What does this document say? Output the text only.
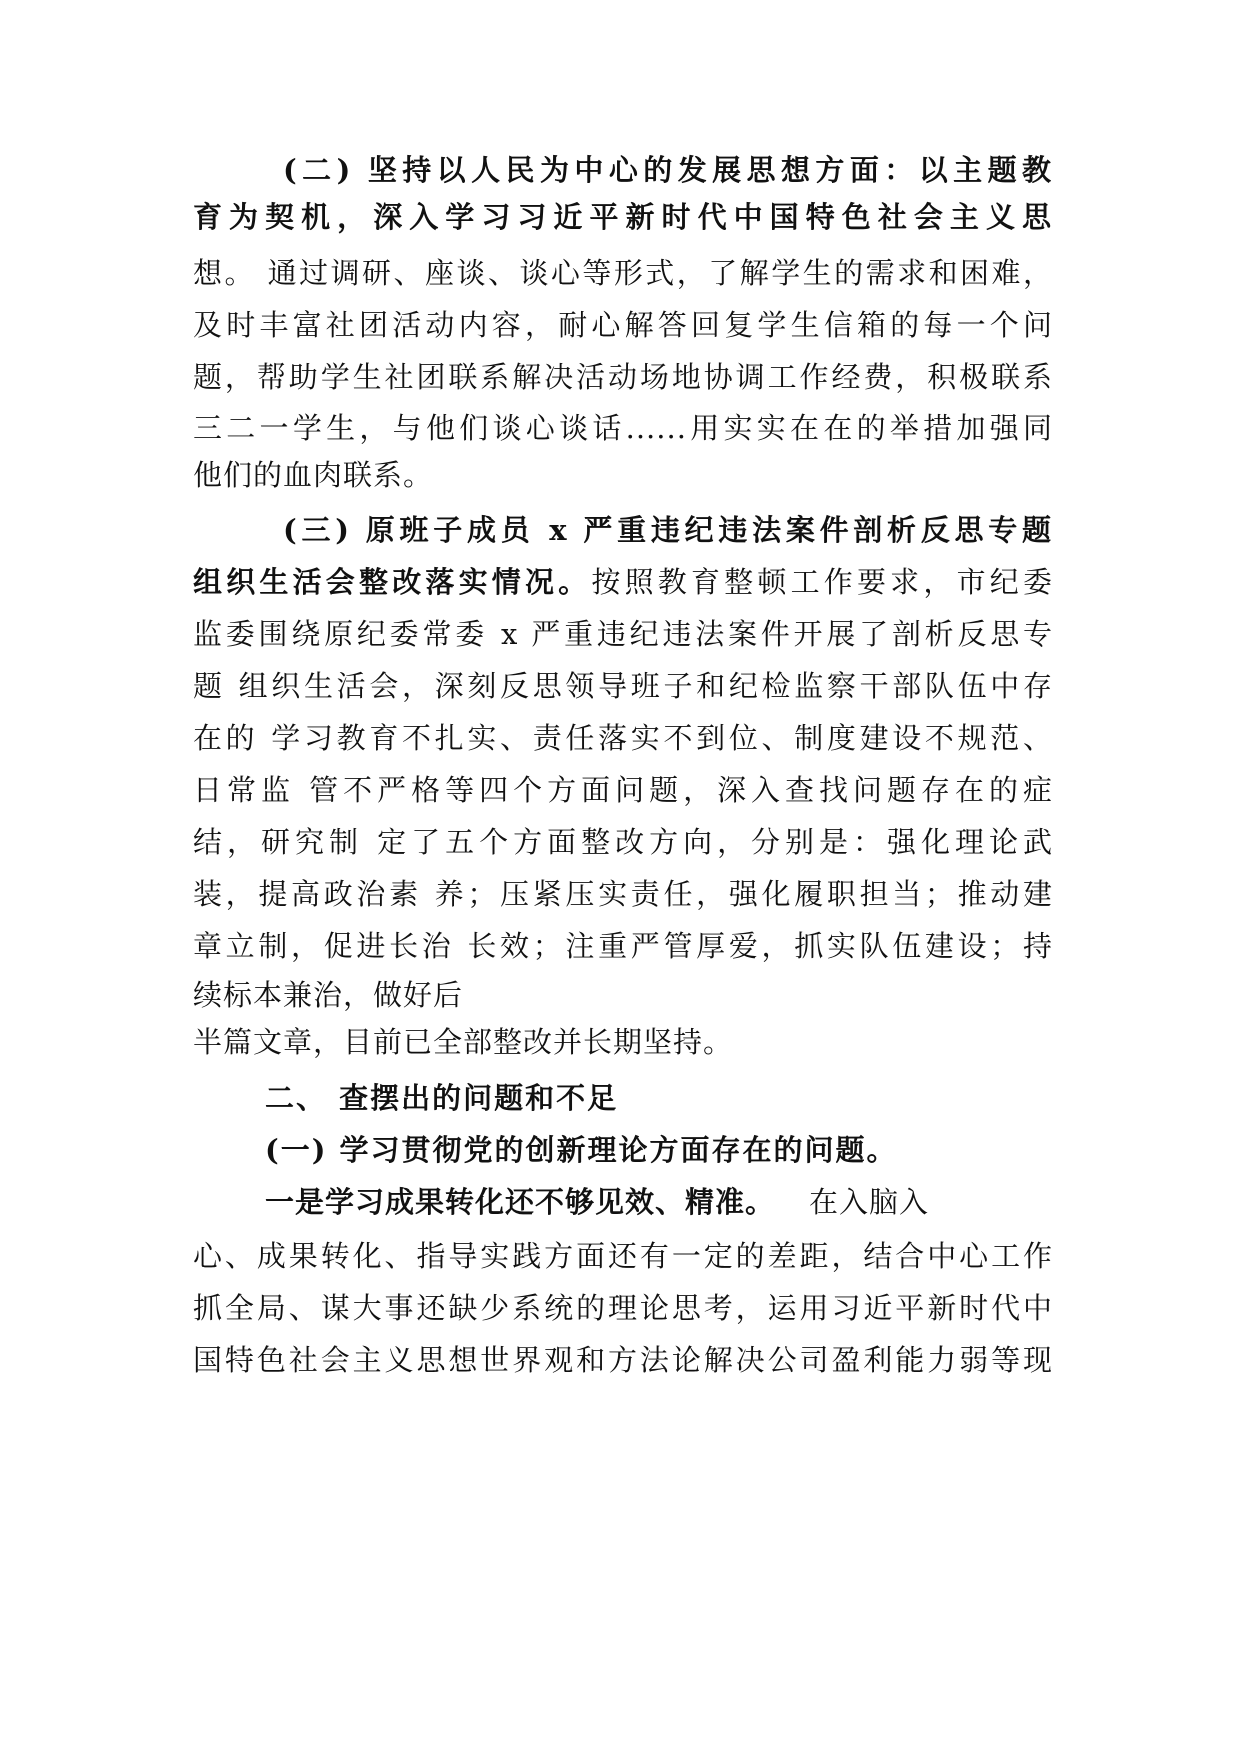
(二) 坚持以人民为中心的发展思想方面：以主题教
育为契机，深入学习习近平新时代中国特色社会主义思
想。 通过调研、座谈、谈心等形式，了解学生的需求和困难，
及时丰富社团活动内容，耐心解答回复学生信箱的每一个问
题，帮助学生社团联系解决活动场地协调工作经费，积极联系
三二一学生，与他们谈心谈话......用实实在在的举措加强同
他们的血肉联系。
(三) 原班子成员 x 严重违纪违法案件剖析反思专题
组织生活会整改落实情况。按照教育整顿工作要求，市纪委
监委围绕原纪委常委 x 严重违纪违法案件开展了剖析反思专
题 组织生活会，深刻反思领导班子和纪检监察干部队伍中存
在的 学习教育不扎实、责任落实不到位、制度建设不规范、
日常监 管不严格等四个方面问题，深入查找问题存在的症
结，研究制 定了五个方面整改方向，分别是：强化理论武
装，提高政治素 养；压紧压实责任，强化履职担当；推动建
章立制，促进长治 长效；注重严管厚爱，抓实队伍建设；持
续标本兼治，做好后
半篇文章，目前已全部整改并长期坚持。
二、 查摆出的问题和不足
(一) 学习贯彻党的创新理论方面存在的问题。
一是学习成果转化还不够见效、精准。 在入脑入
心、成果转化、指导实践方面还有一定的差距，结合中心工作
抓全局、谋大事还缺少系统的理论思考，运用习近平新时代中
国特色社会主义思想世界观和方法论解决公司盈利能力弱等现
